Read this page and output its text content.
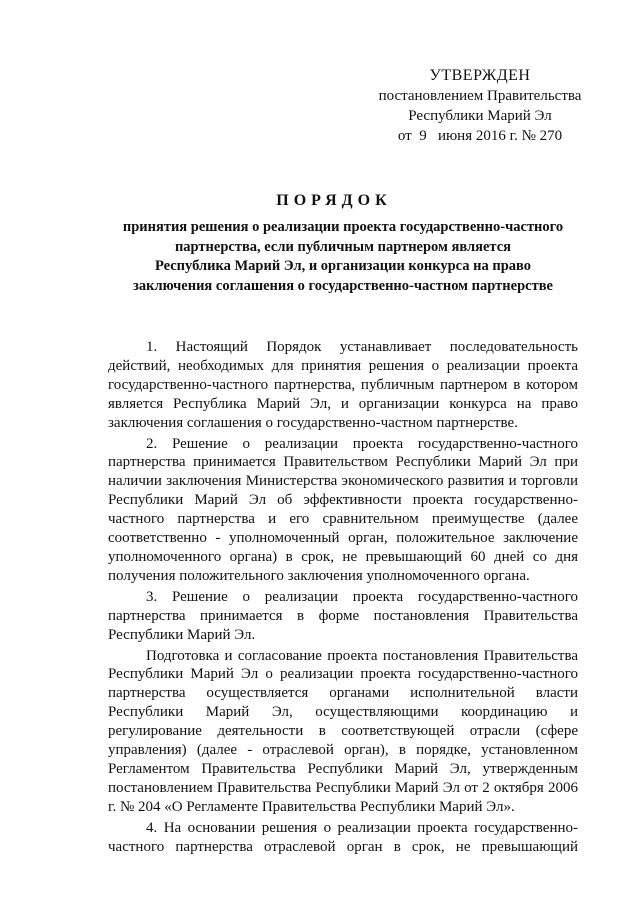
УТВЕРЖДЕН
постановлением Правительства
Республики Марий Эл
от  9   июня 2016 г. № 270
ПОРЯДОК
принятия решения о реализации проекта государственно-частного
партнерства, если публичным партнером является
Республика Марий Эл, и организации конкурса на право
заключения соглашения о государственно-частном партнерстве

1. Настоящий Порядок устанавливает последовательность действий, необходимых для принятия решения о реализации проекта государственно-частного партнерства, публичным партнером в котором является Республика Марий Эл, и организации конкурса на право заключения соглашения о государственно-частном партнерстве.

2. Решение о реализации проекта государственно-частного партнерства принимается Правительством Республики Марий Эл при наличии заключения Министерства экономического развития и торговли Республики Марий Эл об эффективности проекта государственно-частного партнерства и его сравнительном преимуществе (далее соответственно - уполномоченный орган, положительное заключение уполномоченного органа) в срок, не превышающий 60 дней со дня получения положительного заключения уполномоченного органа.

3. Решение о реализации проекта государственно-частного партнерства принимается в форме постановления Правительства Республики Марий Эл.

Подготовка и согласование проекта постановления Правительства Республики Марий Эл о реализации проекта государственно-частного партнерства осуществляется органами исполнительной власти Республики Марий Эл, осуществляющими координацию и регулирование деятельности в соответствующей отрасли (сфере управления) (далее - отраслевой орган), в порядке, установленном Регламентом Правительства Республики Марий Эл, утвержденным постановлением Правительства Республики Марий Эл от 2 октября 2006 г. № 204 «О Регламенте Правительства Республики Марий Эл».

4. На основании решения о реализации проекта государственно-частного партнерства отраслевой орган в срок, не превышающий
